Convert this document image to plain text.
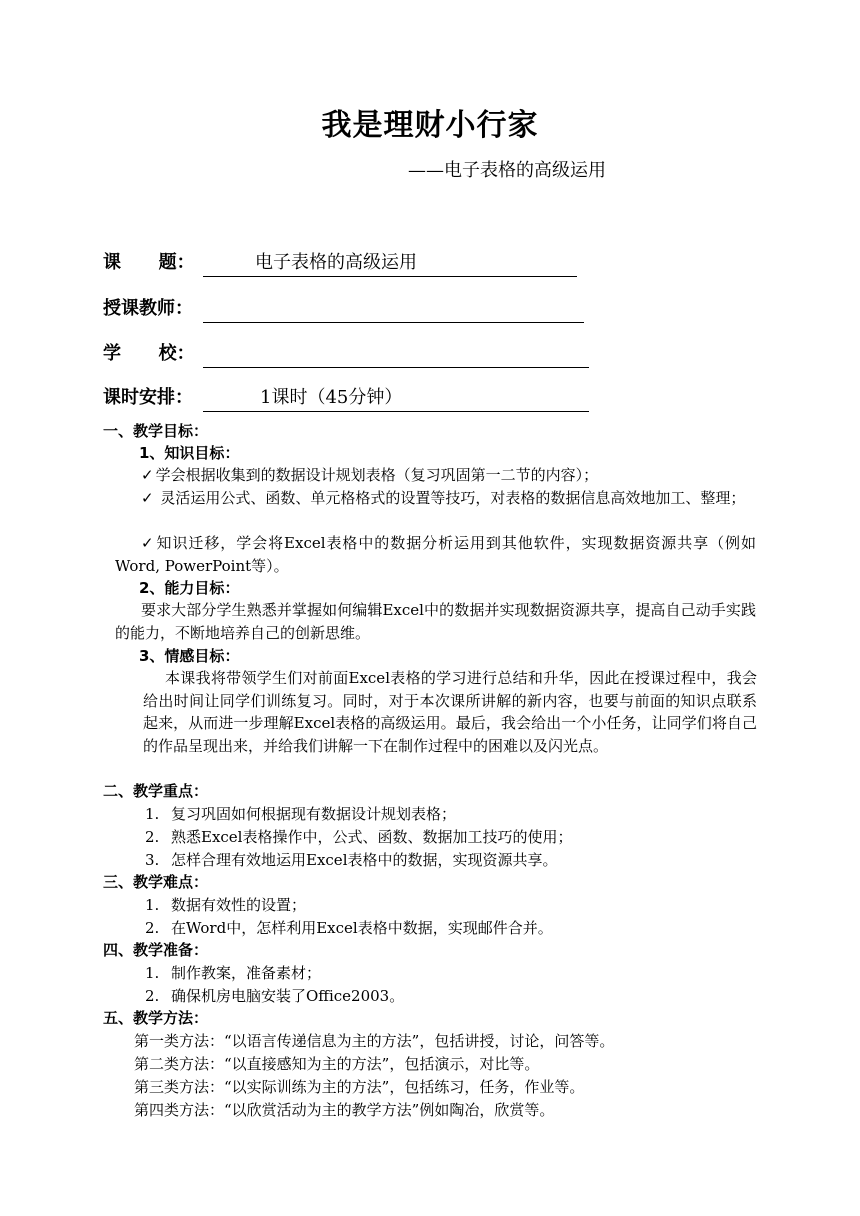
我是理财小行家
——电子表格的高级运用
课      题：	电子表格的高级运用
授课教师：
学      校：
课时安排：	1课时（45分钟）
一、教学目标：
1、知识目标：
✓ 学会根据收集到的数据设计规划表格（复习巩固第一二节的内容）；
✓ 灵活运用公式、函数、单元格格式的设置等技巧，对表格的数据信息高效地加工、整理；
✓ 知识迁移，学会将Excel表格中的数据分析运用到其他软件，实现数据资源共享（例如Word, PowerPoint等）。
2、能力目标：
要求大部分学生熟悉并掌握如何编辑Excel中的数据并实现数据资源共享，提高自己动手实践的能力，不断地培养自己的创新思维。
3、情感目标：
本课我将带领学生们对前面Excel表格的学习进行总结和升华，因此在授课过程中，我会给出时间让同学们训练复习。同时，对于本次课所讲解的新内容，也要与前面的知识点联系起来，从而进一步理解Excel表格的高级运用。最后，我会给出一个小任务，让同学们将自己的作品呈现出来，并给我们讲解一下在制作过程中的困难以及闪光点。
二、教学重点：
1. 复习巩固如何根据现有数据设计规划表格；
2. 熟悉Excel表格操作中，公式、函数、数据加工技巧的使用；
3. 怎样合理有效地运用Excel表格中的数据，实现资源共享。
三、教学难点：
1. 数据有效性的设置；
2. 在Word中，怎样利用Excel表格中数据，实现邮件合并。
四、教学准备：
1. 制作教案，准备素材；
2. 确保机房电脑安装了Office2003。
五、教学方法：
第一类方法：“以语言传递信息为主的方法”，包括讲授，讨论，问答等。
第二类方法：“以直接感知为主的方法”，包括演示，对比等。
第三类方法：“以实际训练为主的方法”，包括练习，任务，作业等。
第四类方法：“以欣赏活动为主的教学方法”例如陶冶，欣赏等。
